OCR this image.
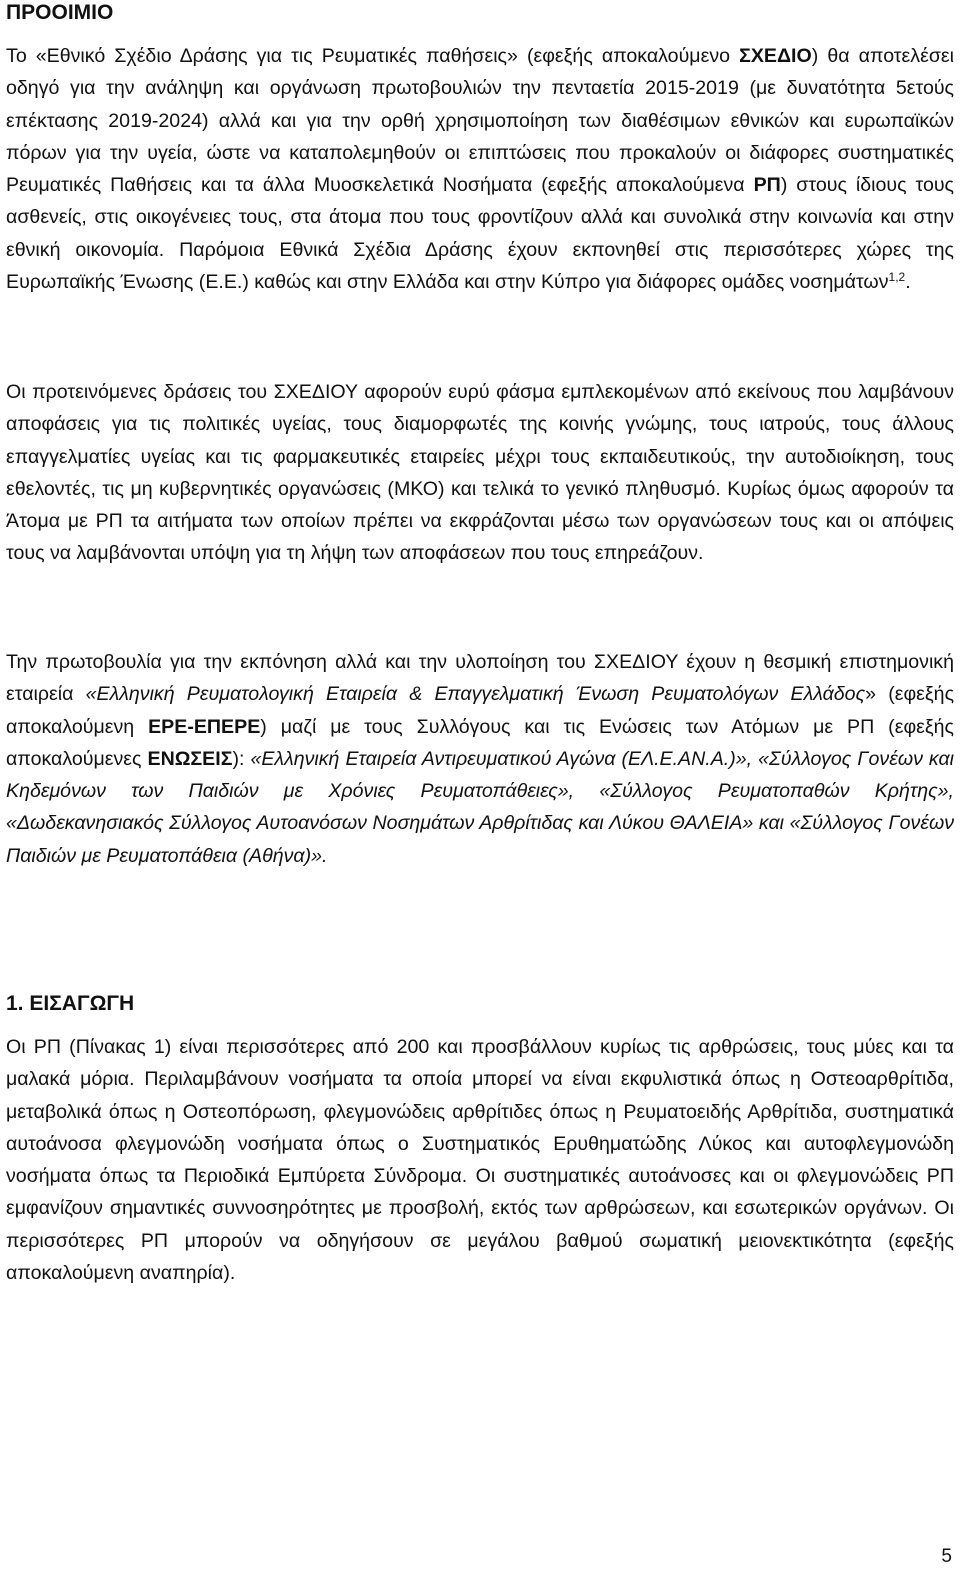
ΠΡΟΟΙΜΙΟ

Το «Εθνικό Σχέδιο Δράσης για τις Ρευματικές παθήσεις» (εφεξής αποκαλούμενο ΣΧΕΔΙΟ) θα αποτελέσει οδηγό για την ανάληψη και οργάνωση πρωτοβουλιών την πενταετία 2015-2019 (με δυνατότητα 5ετούς επέκτασης 2019-2024) αλλά και για την ορθή χρησιμοποίηση των διαθέσιμων εθνικών και ευρωπαϊκών πόρων για την υγεία, ώστε να καταπολεμηθούν οι επιπτώσεις που προκαλούν οι διάφορες συστηματικές Ρευματικές Παθήσεις και τα άλλα Μυοσκελετικά Νοσήματα (εφεξής αποκαλούμενα ΡΠ) στους ίδιους τους ασθενείς, στις οικογένειες τους, στα άτομα που τους φροντίζουν αλλά και συνολικά στην κοινωνία και στην εθνική οικονομία. Παρόμοια Εθνικά Σχέδια Δράσης έχουν εκπονηθεί στις περισσότερες χώρες της Ευρωπαϊκής Ένωσης (Ε.Ε.) καθώς και στην Ελλάδα και στην Κύπρο για διάφορες ομάδες νοσημάτων$^{1,2}$.

Οι προτεινόμενες δράσεις του ΣΧΕΔΙΟΥ αφορούν ευρύ φάσμα εμπλεκομένων από εκείνους που λαμβάνουν αποφάσεις για τις πολιτικές υγείας, τους διαμορφωτές της κοινής γνώμης, τους ιατρούς, τους άλλους επαγγελματίες υγείας και τις φαρμακευτικές εταιρείες μέχρι τους εκπαιδευτικούς, την αυτοδιοίκηση, τους εθελοντές, τις μη κυβερνητικές οργανώσεις (ΜΚΟ) και τελικά το γενικό πληθυσμό. Κυρίως όμως αφορούν τα Άτομα με ΡΠ τα αιτήματα των οποίων πρέπει να εκφράζονται μέσω των οργανώσεων τους και οι απόψεις τους να λαμβάνονται υπόψη για τη λήψη των αποφάσεων που τους επηρεάζουν.

Την πρωτοβουλία για την εκπόνηση αλλά και την υλοποίηση του ΣΧΕΔΙΟΥ έχουν η θεσμική επιστημονική εταιρεία «Ελληνική Ρευματολογική Εταιρεία & Επαγγελματική Ένωση Ρευματολόγων Ελλάδος» (εφεξής αποκαλούμενη ΕΡΕ-ΕΠΕΡΕ) μαζί με τους Συλλόγους και τις Ενώσεις των Ατόμων με ΡΠ (εφεξής αποκαλούμενες ΕΝΩΣΕΙΣ): «Ελληνική Εταιρεία Αντιρευματικού Αγώνα (ΕΛ.Ε.ΑΝ.Α.)», «Σύλλογος Γονέων και Κηδεμόνων των Παιδιών με Χρόνιες Ρευματοπάθειες», «Σύλλογος Ρευματοπαθών Κρήτης», «Δωδεκανησιακός Σύλλογος Αυτοανόσων Νοσημάτων Αρθρίτιδας και Λύκου ΘΑΛΕΙΑ» και «Σύλλογος Γονέων Παιδιών με Ρευματοπάθεια (Αθήνα)».

1. ΕΙΣΑΓΩΓΗ

Οι ΡΠ (Πίνακας 1) είναι περισσότερες από 200 και προσβάλλουν κυρίως τις αρθρώσεις, τους μύες και τα μαλακά μόρια. Περιλαμβάνουν νοσήματα τα οποία μπορεί να είναι εκφυλιστικά όπως η Οστεοαρθρίτιδα, μεταβολικά όπως η Οστεοπόρωση, φλεγμονώδεις αρθρίτιδες όπως η Ρευματοειδής Αρθρίτιδα, συστηματικά αυτοάνοσα φλεγμονώδη νοσήματα όπως ο Συστηματικός Ερυθηματώδης Λύκος και αυτοφλεγμονώδη νοσήματα όπως τα Περιοδικά Εμπύρετα Σύνδρομα. Οι συστηματικές αυτοάνοσες και οι φλεγμονώδεις ΡΠ εμφανίζουν σημαντικές συννοσηρότητες με προσβολή, εκτός των αρθρώσεων, και εσωτερικών οργάνων. Οι περισσότερες ΡΠ μπορούν να οδηγήσουν σε μεγάλου βαθμού σωματική μειονεκτικότητα (εφεξής αποκαλούμενη αναπηρία).

5
